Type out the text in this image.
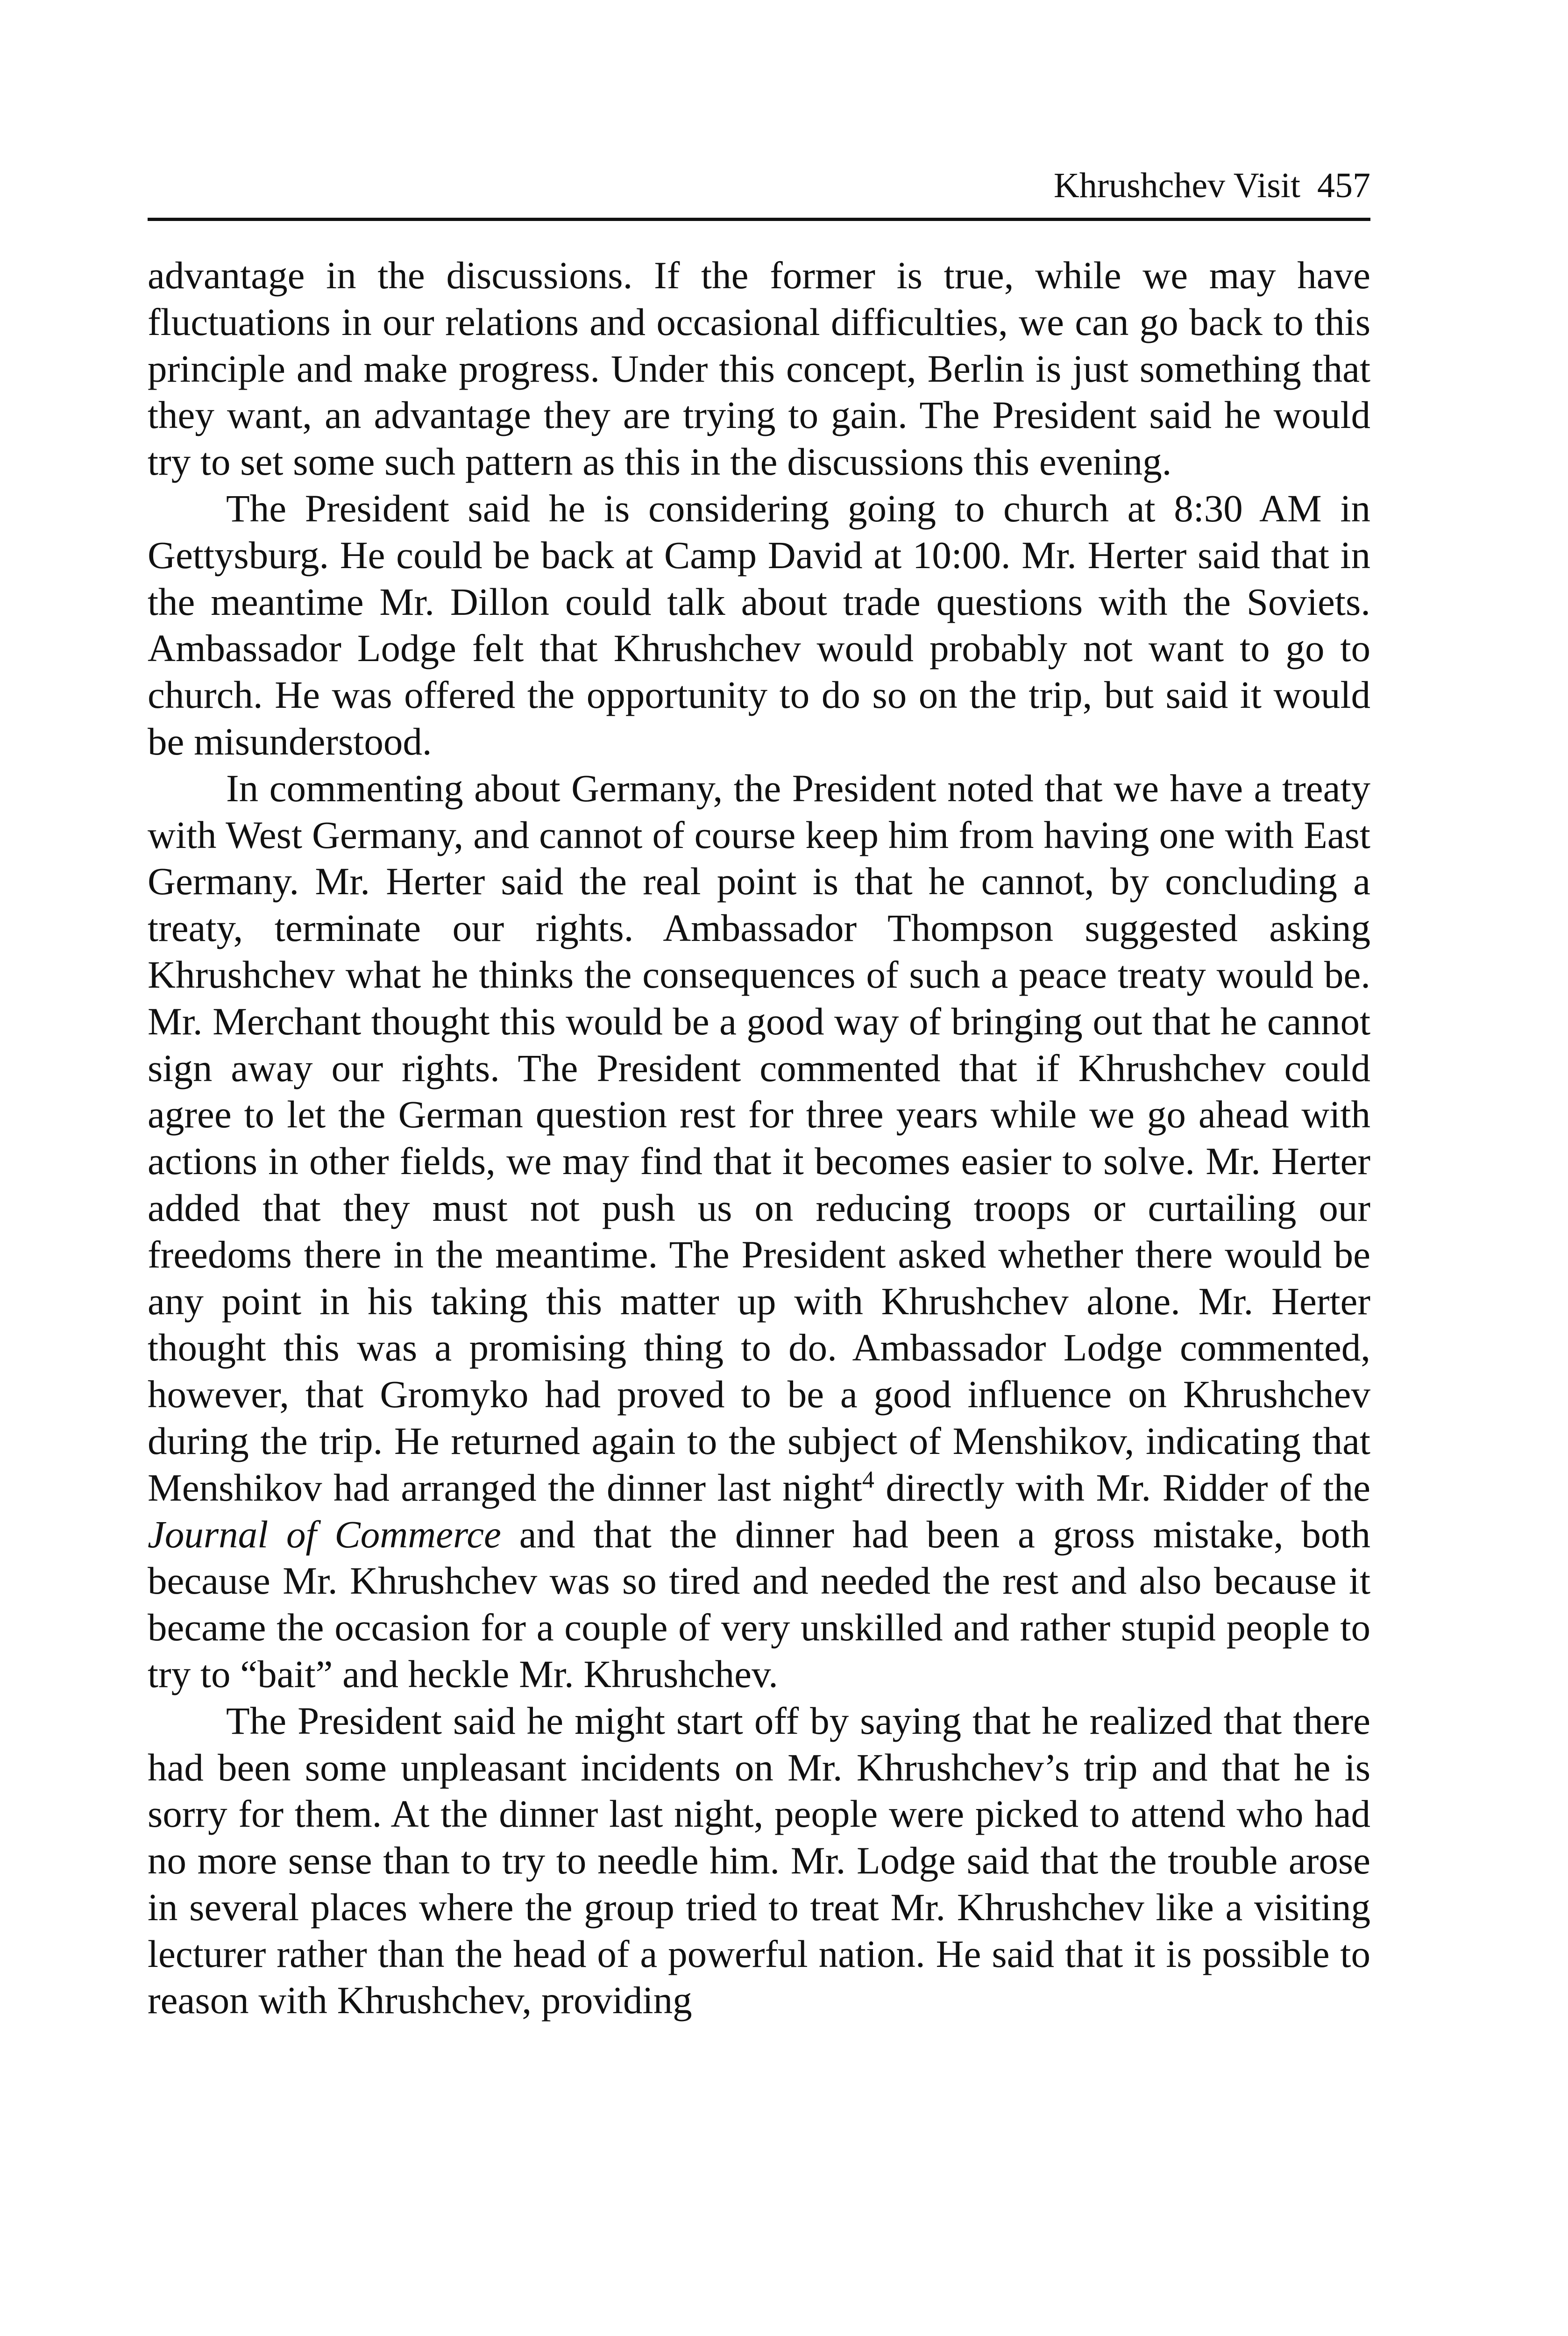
Khrushchev Visit 457

advantage in the discussions. If the former is true, while we may have fluctuations in our relations and occasional difficulties, we can go back to this principle and make progress. Under this concept, Berlin is just something that they want, an advantage they are trying to gain. The President said he would try to set some such pattern as this in the discussions this evening.

The President said he is considering going to church at 8:30 AM in Gettysburg. He could be back at Camp David at 10:00. Mr. Herter said that in the meantime Mr. Dillon could talk about trade questions with the Soviets. Ambassador Lodge felt that Khrushchev would probably not want to go to church. He was offered the opportunity to do so on the trip, but said it would be misunderstood.

In commenting about Germany, the President noted that we have a treaty with West Germany, and cannot of course keep him from having one with East Germany. Mr. Herter said the real point is that he cannot, by concluding a treaty, terminate our rights. Ambassador Thompson suggested asking Khrushchev what he thinks the consequences of such a peace treaty would be. Mr. Merchant thought this would be a good way of bringing out that he cannot sign away our rights. The President commented that if Khrushchev could agree to let the German question rest for three years while we go ahead with actions in other fields, we may find that it becomes easier to solve. Mr. Herter added that they must not push us on reducing troops or curtailing our freedoms there in the meantime. The President asked whether there would be any point in his taking this matter up with Khrushchev alone. Mr. Herter thought this was a promising thing to do. Ambassador Lodge commented, however, that Gromyko had proved to be a good influence on Khrushchev during the trip. He returned again to the subject of Menshikov, indicating that Menshikov had arranged the dinner last night$^4$ directly with Mr. Ridder of the Journal of Commerce and that the dinner had been a gross mistake, both because Mr. Khrushchev was so tired and needed the rest and also because it became the occasion for a couple of very unskilled and rather stupid people to try to “bait” and heckle Mr. Khrushchev.

The President said he might start off by saying that he realized that there had been some unpleasant incidents on Mr. Khrushchev’s trip and that he is sorry for them. At the dinner last night, people were picked to attend who had no more sense than to try to needle him. Mr. Lodge said that the trouble arose in several places where the group tried to treat Mr. Khrushchev like a visiting lecturer rather than the head of a powerful nation. He said that it is possible to reason with Khrushchev, providing
